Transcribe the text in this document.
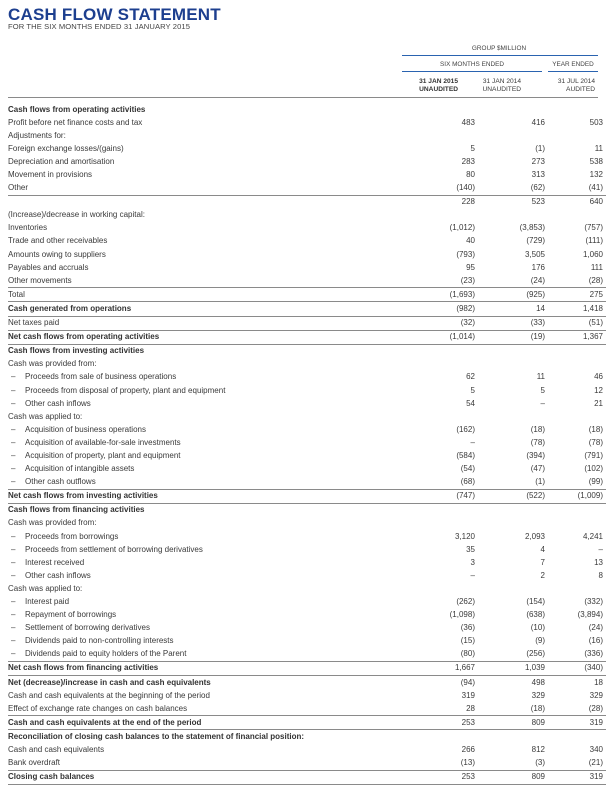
CASH FLOW STATEMENT
FOR THE SIX MONTHS ENDED 31 JANUARY 2015
GROUP $MILLION
SIX MONTHS ENDED	YEAR ENDED
31 JAN 2015
UNAUDITED
31 JAN 2014
UNAUDITED
31 JUL 2014
AUDITED
Cash flows from operating activities			
Profit before net finance costs and tax	483	416	503
Adjustments for:			
Foreign exchange losses/(gains)	5	(1)	11
Depreciation and amortisation	283	273	538
Movement in provisions	80	313	132
Other	(140)	(62)	(41)
	228	523	640
(Increase)/decrease in working capital:			
Inventories	(1,012)	(3,853)	(757)
Trade and other receivables	40	(729)	(111)
Amounts owing to suppliers	(793)	3,505	1,060
Payables and accruals	95	176	111
Other movements	(23)	(24)	(28)
Total	(1,693)	(925)	275
Cash generated from operations	(982)	14	1,418
Net taxes paid	(32)	(33)	(51)
Net cash flows from operating activities	(1,014)	(19)	1,367
Cash flows from investing activities			
Cash was provided from:			
– Proceeds from sale of business operations	62	11	46
– Proceeds from disposal of property, plant and equipment	5	5	12
– Other cash inflows	54	–	21
Cash was applied to:			
– Acquisition of business operations	(162)	(18)	(18)
– Acquisition of available-for-sale investments	–	(78)	(78)
– Acquisition of property, plant and equipment	(584)	(394)	(791)
– Acquisition of intangible assets	(54)	(47)	(102)
– Other cash outflows	(68)	(1)	(99)
Net cash flows from investing activities	(747)	(522)	(1,009)
Cash flows from financing activities			
Cash was provided from:			
– Proceeds from borrowings	3,120	2,093	4,241
– Proceeds from settlement of borrowing derivatives	35	4	–
– Interest received	3	7	13
– Other cash inflows	–	2	8
Cash was applied to:			
– Interest paid	(262)	(154)	(332)
– Repayment of borrowings	(1,098)	(638)	(3,894)
– Settlement of borrowing derivatives	(36)	(10)	(24)
– Dividends paid to non-controlling interests	(15)	(9)	(16)
– Dividends paid to equity holders of the Parent	(80)	(256)	(336)
Net cash flows from financing activities	1,667	1,039	(340)
Net (decrease)/increase in cash and cash equivalents	(94)	498	18
Cash and cash equivalents at the beginning of the period	319	329	329
Effect of exchange rate changes on cash balances	28	(18)	(28)
Cash and cash equivalents at the end of the period	253	809	319
Reconciliation of closing cash balances to the statement of financial position:			
Cash and cash equivalents	266	812	340
Bank overdraft	(13)	(3)	(21)
Closing cash balances	253	809	319
